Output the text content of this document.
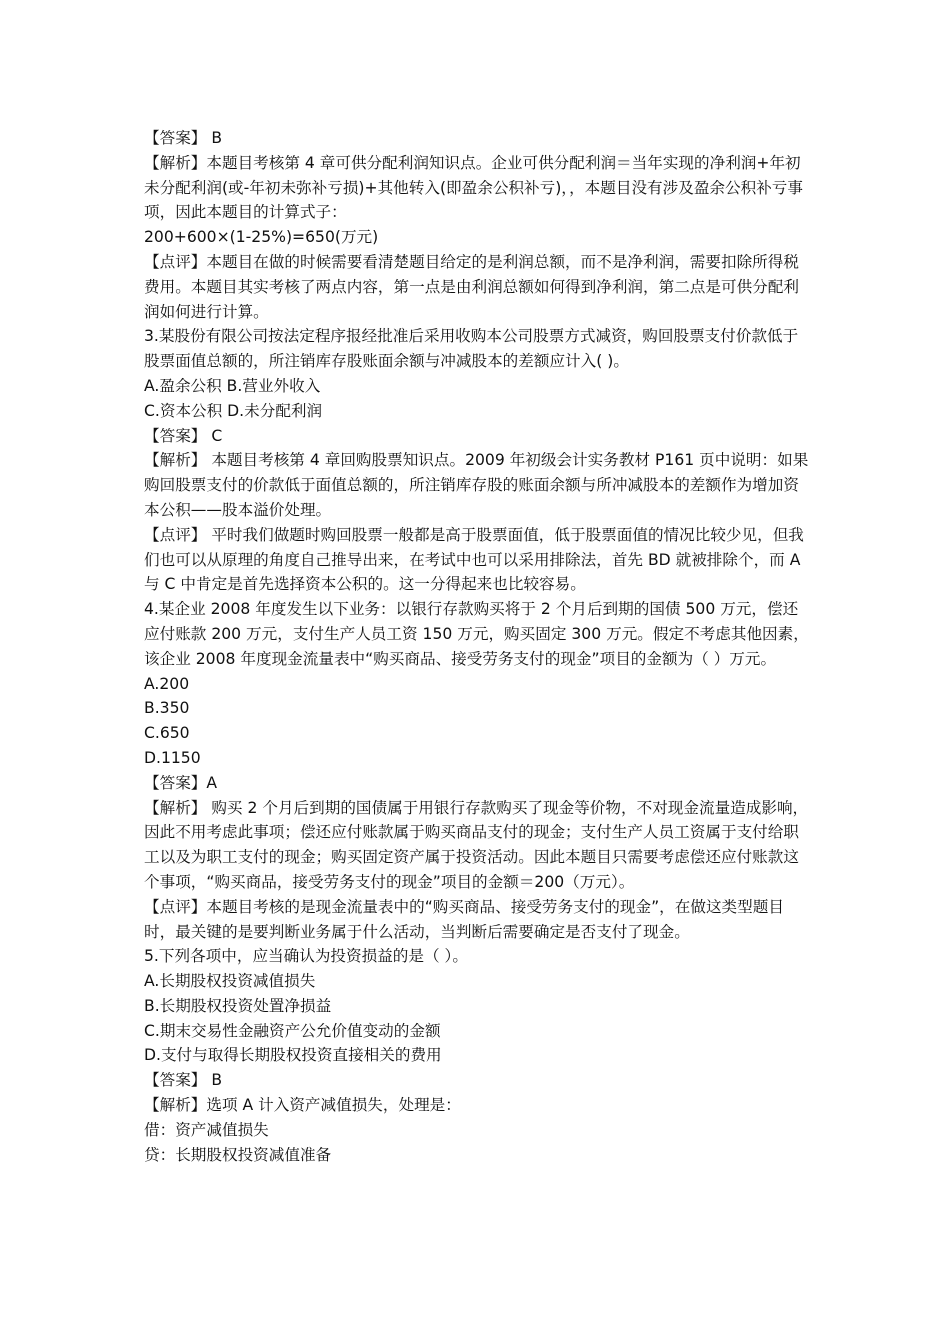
【答案】 B

【解析】本题目考核第 4 章可供分配利润知识点。企业可供分配利润＝当年实现的净利润+年初未分配利润(或-年初未弥补亏损)+其他转入(即盈余公积补亏)，，本题目没有涉及盈余公积补亏事项，因此本题目的计算式子：

200+600×(1-25%)=650(万元)

【点评】本题目在做的时候需要看清楚题目给定的是利润总额，而不是净利润，需要扣除所得税费用。本题目其实考核了两点内容，第一点是由利润总额如何得到净利润，第二点是可供分配利润如何进行计算。

3.某股份有限公司按法定程序报经批准后采用收购本公司股票方式减资，购回股票支付价款低于股票面值总额的，所注销库存股账面余额与冲减股本的差额应计入( )。

A.盈余公积 B.营业外收入

C.资本公积 D.未分配利润

【答案】 C

【解析】 本题目考核第 4 章回购股票知识点。2009 年初级会计实务教材 P161 页中说明：如果购回股票支付的价款低于面值总额的，所注销库存股的账面余额与所冲减股本的差额作为增加资本公积——股本溢价处理。

【点评】 平时我们做题时购回股票一般都是高于股票面值，低于股票面值的情况比较少见，但我们也可以从原理的角度自己推导出来，在考试中也可以采用排除法，首先 BD 就被排除个，而 A 与 C 中肯定是首先选择资本公积的。这一分得起来也比较容易。

4.某企业 2008 年度发生以下业务：以银行存款购买将于 2 个月后到期的国债 500 万元，偿还应付账款 200 万元，支付生产人员工资 150 万元，购买固定 300 万元。假定不考虑其他因素，该企业 2008 年度现金流量表中“购买商品、接受劳务支付的现金”项目的金额为（ ）万元。

A.200

B.350

C.650

D.1150

【答案】A

【解析】 购买 2 个月后到期的国债属于用银行存款购买了现金等价物，不对现金流量造成影响，因此不用考虑此事项；偿还应付账款属于购买商品支付的现金；支付生产人员工资属于支付给职工以及为职工支付的现金；购买固定资产属于投资活动。因此本题目只需要考虑偿还应付账款这个事项，“购买商品，接受劳务支付的现金”项目的金额＝200（万元）。

【点评】本题目考核的是现金流量表中的“购买商品、接受劳务支付的现金”，在做这类型题目时，最关键的是要判断业务属于什么活动，当判断后需要确定是否支付了现金。

5.下列各项中，应当确认为投资损益的是（ ）。

A.长期股权投资减值损失

B.长期股权投资处置净损益

C.期末交易性金融资产公允价值变动的金额

D.支付与取得长期股权投资直接相关的费用

【答案】 B

【解析】选项 A 计入资产减值损失，处理是：

借：资产减值损失

贷：长期股权投资减值准备
